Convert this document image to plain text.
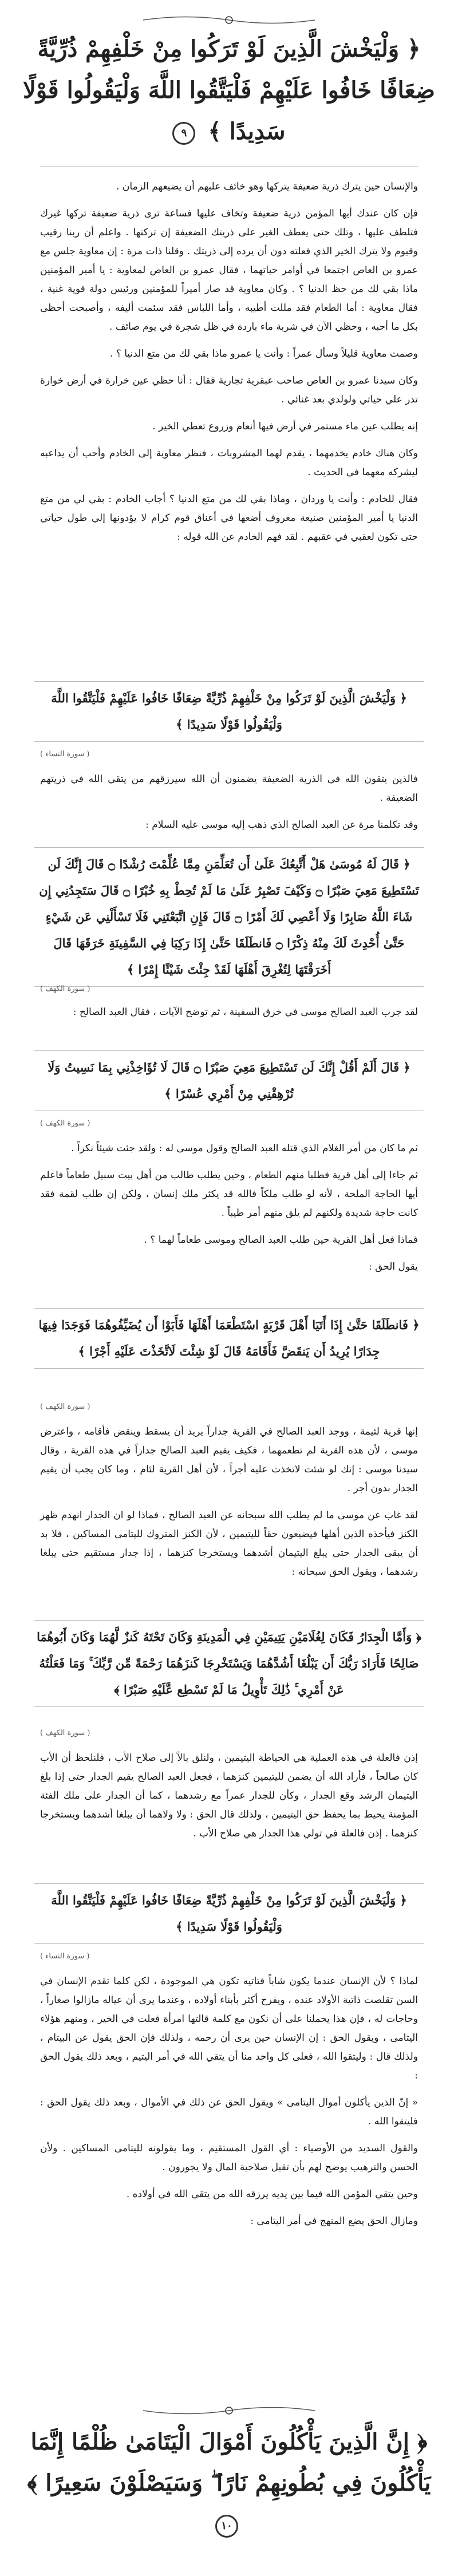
﴿ وَلْيَخْشَ الَّذِينَ لَوْ تَرَكُوا مِنْ خَلْفِهِمْ ذُرِّيَّةً ضِعَافًا خَافُوا عَلَيْهِمْ فَلْيَتَّقُوا اللَّهَ وَلْيَقُولُوا قَوْلًا سَدِيدًا ﴾ ٩

والإنسان حين يترك ذرية ضعيفة يتركها وهو خائف عليهم أن يضيعهم الزمان .

فإن كان عندك أيها المؤمن ذرية ضعيفة وتخاف عليها فساعة ترى ذرية ضعيفة تركها غيرك فتلطف عليها ، وتلك حتى يعطف الغير على ذريتك الضعيفة إن تركتها . واعلم أن ربنا رقيب وقيوم ولا يترك الخير الذي فعلته دون أن يرده إلى ذريتك . وقلنا ذات مرة : إن معاوية جلس مع عمرو بن العاص اجتمعا في أوامر حياتهما ، فقال عمرو بن العاص لمعاوية : يا أمير المؤمنين ماذا بقي لك من حظ الدنيا ؟ . وكان معاوية قد صار أميراً للمؤمنين ورئيس دولة قوية غنية ، فقال معاوية : أما الطعام فقد مللت أطيبه ، وأما اللباس فقد سئمت أليفه ، وأصبحت أحظى بكل ما أحبه ، وحظي الآن في شربة ماء باردة في ظل شجرة في يوم صائف .

وصمت معاوية قليلاً وسأل عمراً : وأنت يا عمرو ماذا بقي لك من متع الدنيا ؟ .

وكان سيدنا عمرو بن العاص صاحب عبقرية تجارية فقال : أنا حظي عين خرارة في أرض خوارة تدر علي حياتي ولولدي بعد غنائي .

إنه يطلب عين ماء مستمر في أرض فيها أنعام وزروع تعطي الخير .

وكان هناك خادم يخدمهما ، يقدم لهما المشروبات ، فنظر معاوية إلى الخادم وأحب أن يداعبه ليشركه معهما في الحديث .

فقال للخادم : وأنت يا وردان ، وماذا بقي لك من متع الدنيا ؟ أجاب الخادم : بقي لي من متع الدنيا يا أمير المؤمنين صنيعة معروف أضعها في أعناق قوم كرام لا يؤدونها إلي طول حياتي حتى تكون لعقبي في عقبهم . لقد فهم الخادم عن الله قوله :

﴿ وَلْيَخْشَ الَّذِينَ لَوْ تَرَكُوا مِنْ خَلْفِهِمْ ذُرِّيَّةً ضِعَافًا خَافُوا عَلَيْهِمْ فَلْيَتَّقُوا اللَّهَ وَلْيَقُولُوا قَوْلًا سَدِيدًا ﴾
( سورة النساء )

فالذين يتقون الله في الذرية الضعيفة يضمنون أن الله سيرزقهم من يتقي الله في ذريتهم الضعيفة .

وقد تكلمنا مرة عن العبد الصالح الذي ذهب إليه موسى عليه السلام :

﴿ قَالَ لَهُ مُوسَىٰ هَلْ أَتَّبِعُكَ عَلَىٰ أَن تُعَلِّمَنِ مِمَّا عُلِّمْتَ رُشْدًا ۝ قَالَ إِنَّكَ لَن تَسْتَطِيعَ مَعِيَ صَبْرًا ۝ وَكَيْفَ تَصْبِرُ عَلَىٰ مَا لَمْ تُحِطْ بِهِ خُبْرًا ۝ قَالَ سَتَجِدُنِي إِن شَاءَ اللَّهُ صَابِرًا وَلَا أَعْصِي لَكَ أَمْرًا ۝ قَالَ فَإِنِ اتَّبَعْتَنِي فَلَا تَسْأَلْنِي عَن شَيْءٍ حَتَّىٰ أُحْدِثَ لَكَ مِنْهُ ذِكْرًا ۝ فَانطَلَقَا حَتَّىٰ إِذَا رَكِبَا فِي السَّفِينَةِ خَرَقَهَا قَالَ أَخَرَقْتَهَا لِتُغْرِقَ أَهْلَهَا لَقَدْ جِئْتَ شَيْئًا إِمْرًا ﴾
( سورة الكهف )

لقد جرب العبد الصالح موسى في خرق السفينة ، ثم توضح الآيات ، فقال العبد الصالح :

﴿ قَالَ أَلَمْ أَقُلْ إِنَّكَ لَن تَسْتَطِيعَ مَعِيَ صَبْرًا ۝ قَالَ لَا تُؤَاخِذْنِي بِمَا نَسِيتُ وَلَا تُرْهِقْنِي مِنْ أَمْرِي عُسْرًا ﴾
( سورة الكهف )

ثم ما كان من أمر الغلام الذي قتله العبد الصالح وقول موسى له : ولقد جئت شيئاً نكراً .

ثم جاءا إلى أهل قرية فطلبا منهم الطعام ، وحين يطلب طالب من أهل بيت سبيل طعاماً فاعلم أيها الحاجة الملحة ، لأنه لو طلب ملكاً فالله قد يكثر ملك إنسان ، ولكن إن طلب لقمة فقد كانت حاجة شديدة ولكنهم لم يلق منهم أمر طيباً .

فماذا فعل أهل القرية حين طلب العبد الصالح وموسى طعاماً لهما ؟ .

يقول الحق :

﴿ فَانطَلَقَا حَتَّىٰ إِذَا أَتَيَا أَهْلَ قَرْيَةٍ اسْتَطْعَمَا أَهْلَهَا فَأَبَوْا أَن يُضَيِّفُوهُمَا فَوَجَدَا فِيهَا جِدَارًا يُرِيدُ أَن يَنقَضَّ فَأَقَامَهُ قَالَ لَوْ شِئْتَ لَاتَّخَذْتَ عَلَيْهِ أَجْرًا ﴾
( سورة الكهف )

إنها قرية لئيمة ، ووجد العبد الصالح في القرية جداراً يريد أن يسقط وينقض فأقامه ، واعترض موسى ، لأن هذه القرية لم تطعمهما ، فكيف يقيم العبد الصالح جداراً في هذه القرية ، وقال سيدنا موسى : إنك لو شئت لاتخذت عليه أجراً ، لأن أهل القرية لئام ، وما كان يجب أن يقيم الجدار بدون أجر .

لقد غاب عن موسى ما لم يطلب الله سبحانه عن العبد الصالح ، فماذا لو ان الجدار انهدم ظهر الكنز فيأخذه الذين أهلها فيضيعون حقاً لليتيمين ، لأن الكنز المتروك لليتامى المساكين ، فلا بد أن يبقى الجدار حتى يبلغ اليتيمان أشدهما ويستخرجا كنزهما ، إذا جدار مستقيم حتى يبلغا رشدهما ، ويقول الحق سبحانه :

﴿ وَأَمَّا الْجِدَارُ فَكَانَ لِغُلَامَيْنِ يَتِيمَيْنِ فِي الْمَدِينَةِ وَكَانَ تَحْتَهُ كَنزٌ لَّهُمَا وَكَانَ أَبُوهُمَا صَالِحًا فَأَرَادَ رَبُّكَ أَن يَبْلُغَا أَشُدَّهُمَا وَيَسْتَخْرِجَا كَنزَهُمَا رَحْمَةً مِّن رَّبِّكَ ۚ وَمَا فَعَلْتُهُ عَنْ أَمْرِي ۚ ذَٰلِكَ تَأْوِيلُ مَا لَمْ تَسْطِع عَّلَيْهِ صَبْرًا ﴾
( سورة الكهف )

إذن فالعلة في هذه العملية هي الحياطة اليتيمين ، ولنلق بالاً إلى صلاح الأب ، فلنلحظ أن الأب كان صالحاً ، فأراد الله أن يضمن لليتيمين كنزهما ، فجعل العبد الصالح يقيم الجدار حتى إذا بلغ اليتيمان الرشد وقع الجدار ، وكأن للجدار عمراً مع رشدهما ، كما أن الجدار على ملك الفئة المؤمنة يحيط بما يحفظ حق اليتيمين ، ولذلك قال الحق : ولا ولاهما أن يبلغا أشدهما ويستخرجا كنزهما . إذن فالعلة في تولي هذا الجدار هي صلاح الأب .

﴿ وَلْيَخْشَ الَّذِينَ لَوْ تَرَكُوا مِنْ خَلْفِهِمْ ذُرِّيَّةً ضِعَافًا خَافُوا عَلَيْهِمْ فَلْيَتَّقُوا اللَّهَ وَلْيَقُولُوا قَوْلًا سَدِيدًا ﴾
( سورة النساء )

لماذا ؟ لأن الإنسان عندما يكون شاباً فتاتيه تكون هي الموجودة ، لكن كلما تقدم الإنسان في السن تقلصت ذاتية الأولاد عنده ، ويفرح أكثر بأبناء أولاده ، وعندما يرى أن عياله مازالوا صغاراً ، وحاجات له ، فإن هذا يحملنا على أن نكون مع كلمة قالتها امرأة فعلت في الخير ، ومنهم هؤلاء اليتامى ، ويقول الحق : إن الإنسان حين يرى أن رحمه ، ولذلك فإن الحق يقول عن البيتام ، ولذلك قال : وليتقوا الله ، فعلى كل واحد منا أن يتقي الله في أمر اليتيم ، وبعد ذلك يقول الحق :

« إنّ الذين يأكلون أموال اليتامى » ويقول الحق عن ذلك في الأموال ، وبعد ذلك يقول الحق : فليتقوا الله .

والقول السديد من الأوصياء : أي القول المستقيم ، وما يقولونه لليتامى المساكين . ولأن الحسن والترهيب يوضح لهم بأن تقبل صلاحية المال ولا يجورون .

وحين يتقي المؤمن الله فيما بين يديه يرزقه الله من يتقي الله في أولاده .

ومازال الحق يضع المنهج في أمر اليتامى :

﴿ إِنَّ الَّذِينَ يَأْكُلُونَ أَمْوَالَ الْيَتَامَىٰ ظُلْمًا إِنَّمَا يَأْكُلُونَ فِي بُطُونِهِمْ نَارًا ۖ وَسَيَصْلَوْنَ سَعِيرًا ﴾ ١٠
